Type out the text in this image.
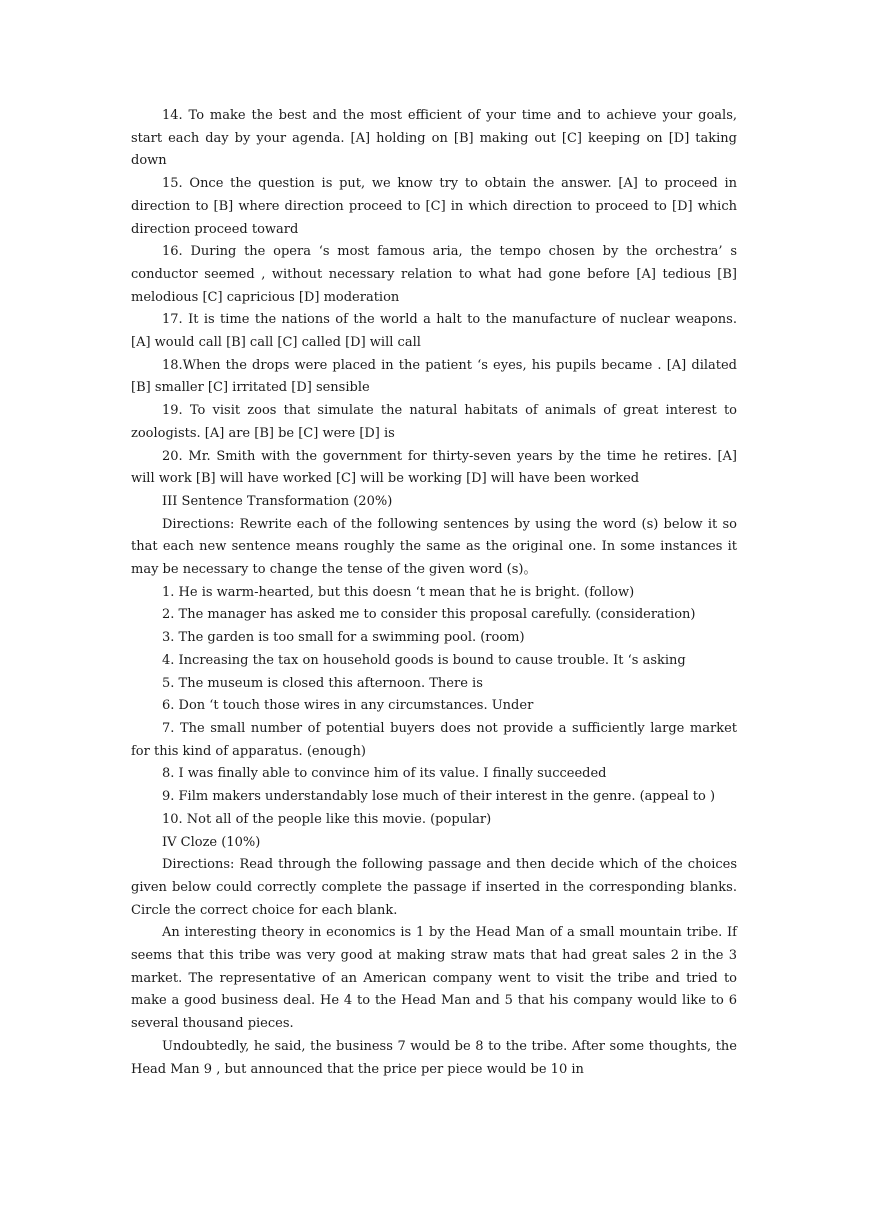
14. To make the best and the most efficient of your time and to achieve your goals, start each day by your agenda. [A] holding on [B] making out [C] keeping on [D] taking down

15. Once the question is put, we know try to obtain the answer. [A] to proceed in direction to [B] where direction proceed to [C] in which direction to proceed to [D] which direction proceed toward

16. During the opera ‘s most famous aria, the tempo chosen by the orchestra’ s conductor seemed , without necessary relation to what had gone before [A] tedious [B] melodious [C] capricious [D] moderation

17. It is time the nations of the world a halt to the manufacture of nuclear weapons. [A] would call [B] call [C] called [D] will call

18.When the drops were placed in the patient ‘s eyes, his pupils became . [A] dilated [B] smaller [C] irritated [D] sensible

19. To visit zoos that simulate the natural habitats of animals of great interest to zoologists. [A] are [B] be [C] were [D] is

20. Mr. Smith with the government for thirty-seven years by the time he retires. [A] will work [B] will have worked [C] will be working [D] will have been worked

III Sentence Transformation (20%)

Directions: Rewrite each of the following sentences by using the word (s) below it so that each new sentence means roughly the same as the original one. In some instances it may be necessary to change the tense of the given word (s)。

1. He is warm-hearted, but this doesn ‘t mean that he is bright. (follow)

2. The manager has asked me to consider this proposal carefully. (consideration)

3. The garden is too small for a swimming pool. (room)

4. Increasing the tax on household goods is bound to cause trouble. It ‘s asking

5. The museum is closed this afternoon. There is

6. Don ‘t touch those wires in any circumstances. Under

7. The small number of potential buyers does not provide a sufficiently large market for this kind of apparatus. (enough)

8. I was finally able to convince him of its value. I finally succeeded

9. Film makers understandably lose much of their interest in the genre. (appeal to )

10. Not all of the people like this movie. (popular)

IV Cloze (10%)

Directions: Read through the following passage and then decide which of the choices given below could correctly complete the passage if inserted in the corresponding blanks. Circle the correct choice for each blank.

An interesting theory in economics is 1 by the Head Man of a small mountain tribe. If seems that this tribe was very good at making straw mats that had great sales 2 in the 3 market. The representative of an American company went to visit the tribe and tried to make a good business deal. He 4 to the Head Man and 5 that his company would like to 6 several thousand pieces.

Undoubtedly, he said, the business 7 would be 8 to the tribe. After some thoughts, the Head Man 9 , but announced that the price per piece would be 10 in
